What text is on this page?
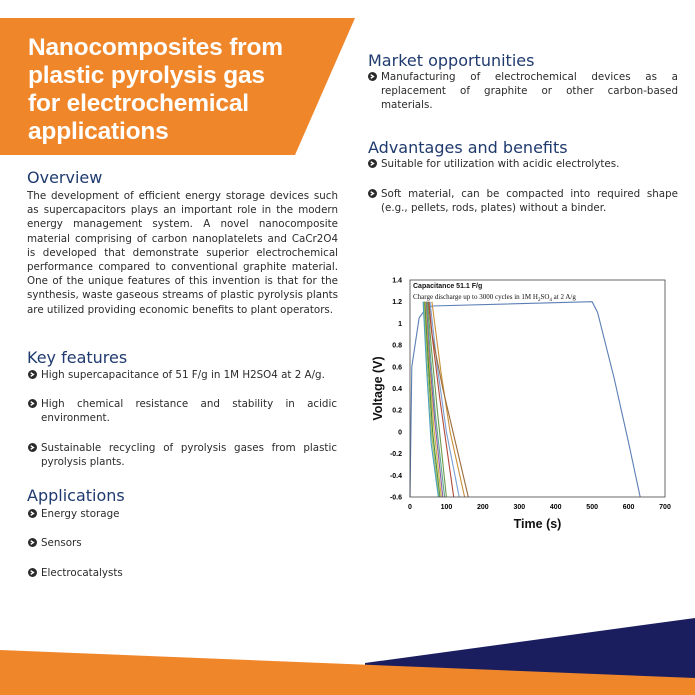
Nanocomposites from
plastic pyrolysis gas
for electrochemical
applications
Overview
The development of efficient energy storage devices such as supercapacitors plays an important role in the modern energy management system. A novel nanocomposite material comprising of carbon nanoplatelets and CaCr2O4 is developed that demonstrate superior electrochemical performance compared to conventional graphite material. One of the unique features of this invention is that for the synthesis, waste gaseous streams of plastic pyrolysis plants are utilized providing economic benefits to plant operators.
Key features
High supercapacitance of 51 F/g in 1M H2SO4 at 2 A/g.
High chemical resistance and stability in acidic environment.
Sustainable recycling of pyrolysis gases from plastic pyrolysis plants.
Applications
Energy storage
Sensors
Electrocatalysts
Market opportunities
Manufacturing of electrochemical devices as a replacement of graphite or other carbon-based materials.
Advantages and benefits
Suitable for utilization with acidic electrolytes.
Soft material, can be compacted into required shape (e.g., pellets, rods, plates) without a binder.
0	100	200	300	400	500	600	700
1.4
1.2
1
0.8
0.6
0.4
0.2
0
-0.2
-0.4
-0.6
Capacitance 51.1 F/g
Charge discharge up to 3000 cycles in 1M $H_2SO_4$ at 2 A/g
Time (s)
Voltage (V)
